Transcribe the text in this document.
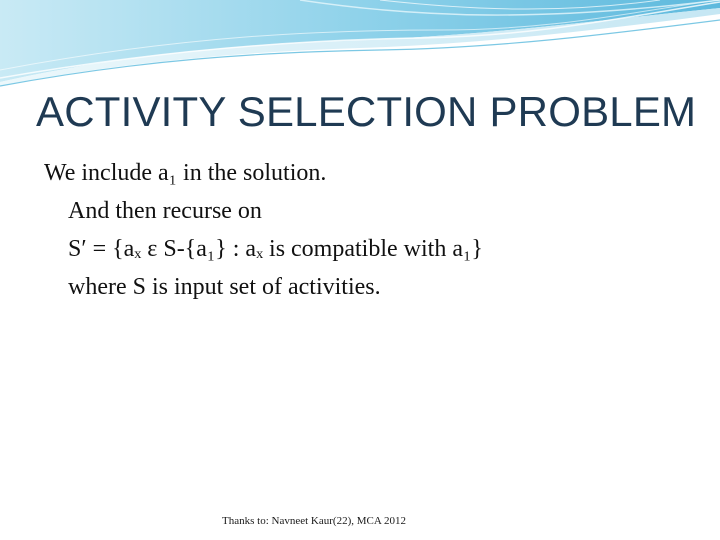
ACTIVITY SELECTION PROBLEM
We include a₁ in the solution.
And then recurse on
S′ = {aₓ ε S-{a₁} : aₓ is compatible with a₁}
where S is input set of activities.
Thanks to: Navneet Kaur(22), MCA 2012
